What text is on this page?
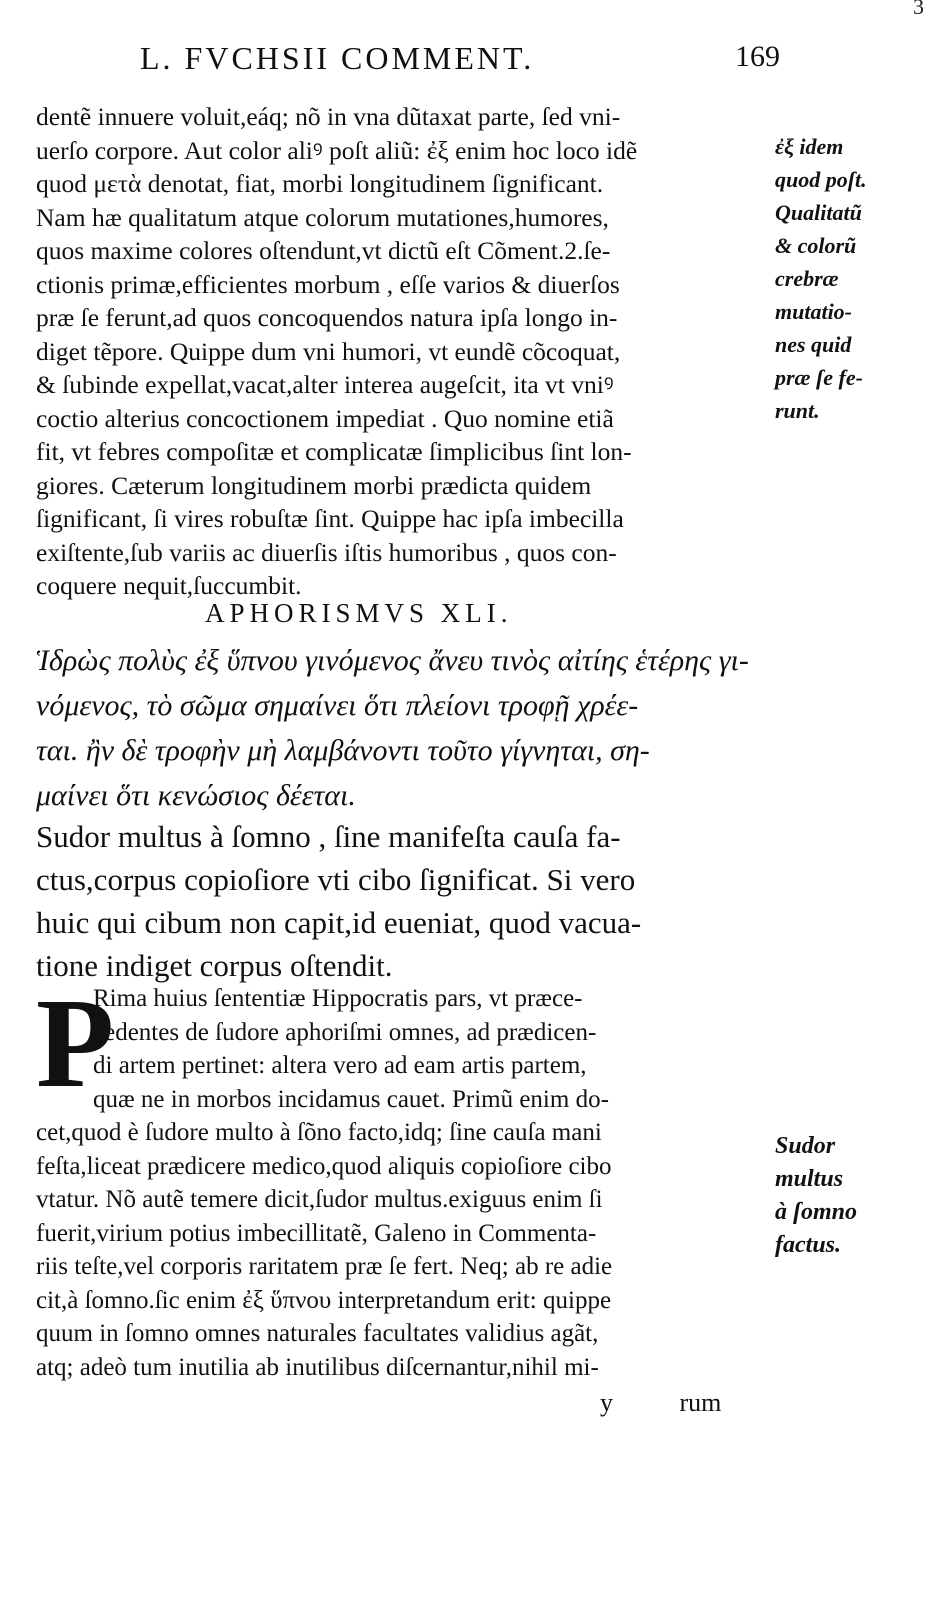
3
L. FVCHSII COMMENT.	169
dentẽ innuere voluit,eáq; nõ in vna dũtaxat parte, ſed vni-
uerſo corpore. Aut color aliꝰ poſt aliũ: ἐξ enim hoc loco idẽ
quod μετὰ denotat, fiat, morbi longitudinem ſignificant.
Nam hæ qualitatum atque colorum mutationes,humores,
quos maxime colores oſtendunt,vt dictũ eſt Cõment.2.ſe-
ctionis primæ,efficientes morbum , eſſe varios & diuerſos
præ ſe ferunt,ad quos concoquendos natura ipſa longo in-
diget tẽpore. Quippe dum vni humori, vt eundẽ cõcoquat,
& ſubinde expellat,vacat,alter interea augeſcit, ita vt vniꝰ
coctio alterius concoctionem impediat . Quo nomine etiã
fit, vt febres compoſitæ et complicatæ ſimplicibus ſint lon-
giores. Cæterum longitudinem morbi prædicta quidem
ſignificant, ſi vires robuſtæ ſint. Quippe hac ipſa imbecilla
exiſtente,ſub variis ac diuerſis iſtis humoribus , quos con-
coquere nequit,ſuccumbit.
ἐξ idem
quod poſt.
Qualitatũ
& colorũ
crebræ
mutatio-
nes quid
præ ſe fe-
runt.
APHORISMVS XLI.
Ἱδρὼς πολὺς ἐξ ὕπνου γινόμενος ἄνευ τινὸς αἰτίης ἑτέρης γι-
νόμενος, τὸ σῶμα σημαίνει ὅτι πλείονι τροφῇ χρέε-
ται. ἢν δὲ τροφὴν μὴ λαμβάνοντι τοῦτο γίγνηται, ση-
μαίνει ὅτι κενώσιος δέεται.
Sudor multus à ſomno , ſine manifeſta cauſa fa-
ctus,corpus copioſiore vti cibo ſignificat. Si vero
huic qui cibum non capit,id eueniat, quod vacua-
tione indiget corpus oſtendit.
P
Rima huius ſententiæ Hippocratis pars, vt præce-
cedentes de ſudore aphoriſmi omnes, ad prædicen-
di artem pertinet: altera vero ad eam artis partem,
quæ ne in morbos incidamus cauet. Primũ enim do-
cet,quod è ſudore multo à ſõno facto,idq; ſine cauſa mani
feſta,liceat prædicere medico,quod aliquis copioſiore cibo
vtatur. Nõ autẽ temere dicit,ſudor multus.exiguus enim ſi
fuerit,virium potius imbecillitatẽ, Galeno in Commenta-
riis teſte,vel corporis raritatem præ ſe fert. Neq; ab re adie
cit,à ſomno.ſic enim ἐξ ὕπνου interpretandum erit: quippe
quum in ſomno omnes naturales facultates validius agãt,
atq; adeò tum inutilia ab inutilibus diſcernantur,nihil mi-
Sudor
multus
à ſomno
factus.
y	rum
